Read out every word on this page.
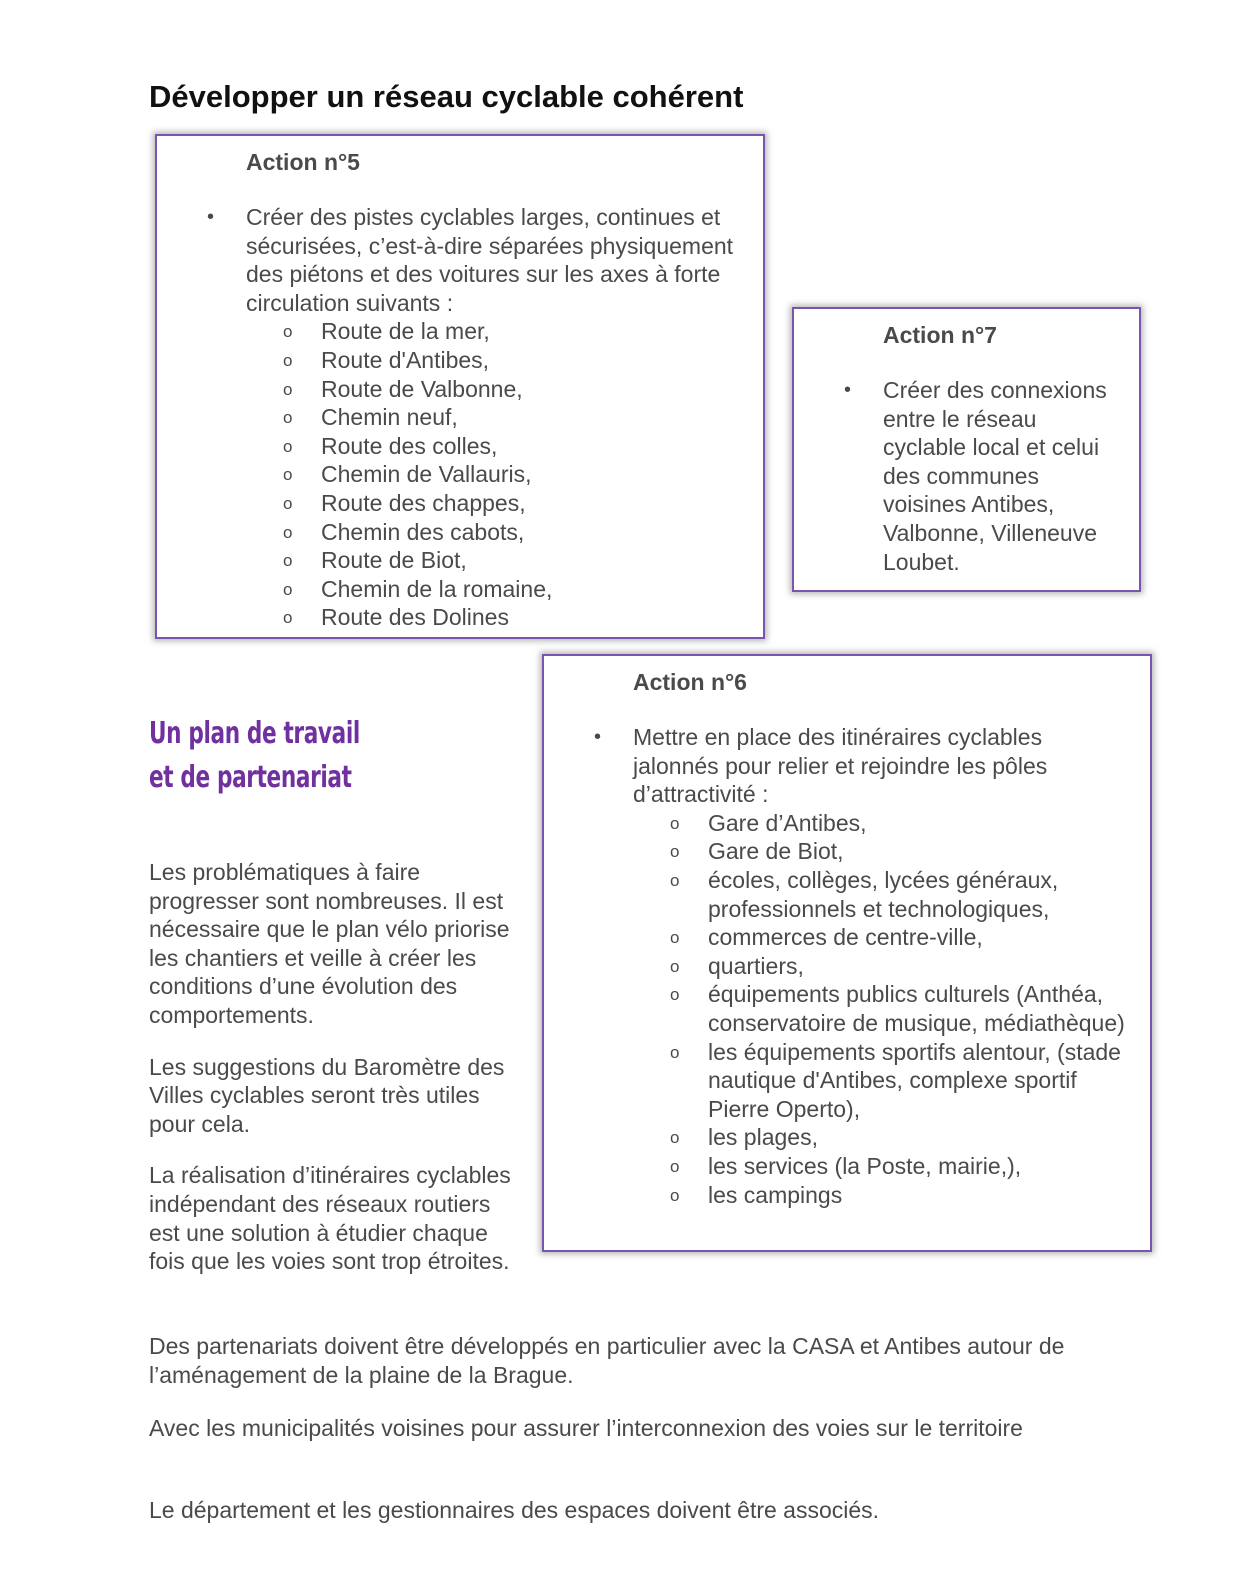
Développer un réseau cyclable cohérent
Action n°5
• Créer des pistes cyclables larges, continues et sécurisées, c’est-à-dire séparées physiquement des piétons et des voitures sur les axes à forte circulation suivants :
o Route de la mer,
o Route d'Antibes,
o Route de Valbonne,
o Chemin neuf,
o Route des colles,
o Chemin de Vallauris,
o Route des chappes,
o Chemin des cabots,
o Route de Biot,
o Chemin de la romaine,
o Route des Dolines
Action n°7
• Créer des connexions entre le réseau cyclable local et celui des communes voisines Antibes, Valbonne, Villeneuve Loubet.
Action n°6
• Mettre en place des itinéraires cyclables jalonnés pour relier et rejoindre les pôles d’attractivité :
o Gare d’Antibes,
o Gare de Biot,
o écoles, collèges, lycées généraux, professionnels et technologiques,
o commerces de centre-ville,
o quartiers,
o équipements publics culturels (Anthéa, conservatoire de musique, médiathèque)
o les équipements sportifs alentour, (stade nautique d'Antibes, complexe sportif Pierre Operto),
o les plages,
o les services (la Poste, mairie,),
o les campings
Un plan de travail et de partenariat

Les problématiques à faire progresser sont nombreuses. Il est nécessaire que le plan vélo priorise les chantiers et veille à créer les conditions d’une évolution des comportements.

Les suggestions du Baromètre des Villes cyclables seront très utiles pour cela.

La réalisation d’itinéraires cyclables indépendant des réseaux routiers est une solution à étudier chaque fois que les voies sont trop étroites.

Des partenariats doivent être développés en particulier avec la CASA et Antibes autour de l’aménagement de la plaine de la Brague.

Avec les municipalités voisines pour assurer l’interconnexion des voies sur le territoire

Le département et les gestionnaires des espaces doivent être associés.
